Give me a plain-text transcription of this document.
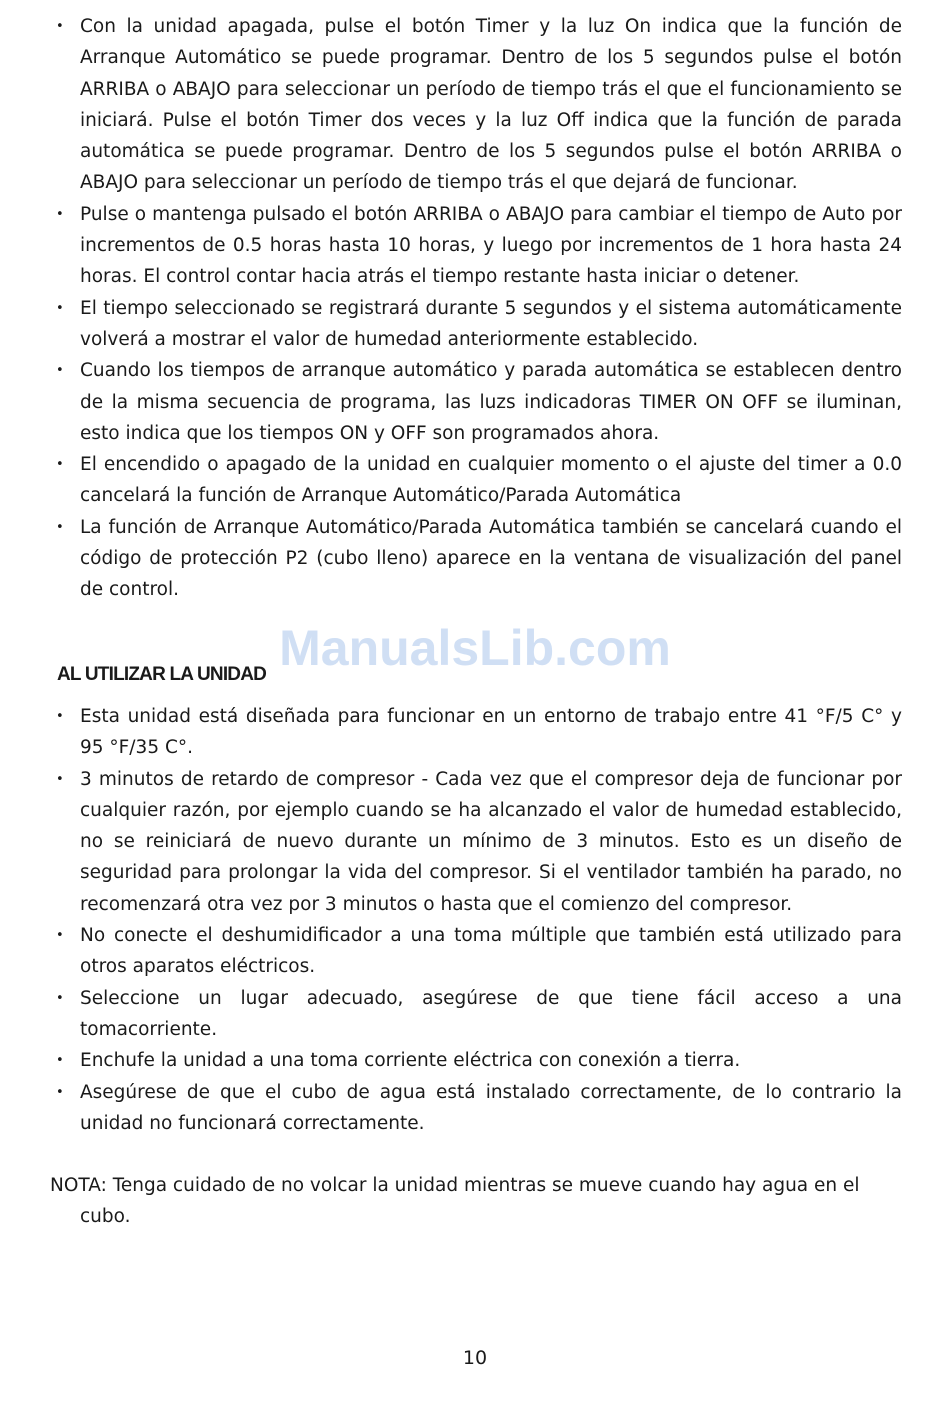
• Con la unidad apagada, pulse el botón Timer y la luz On indica que la función de Arranque Automático se puede programar. Dentro de los 5 segundos pulse el botón ARRIBA o ABAJO para seleccionar un período de tiempo trás el que el funcionamiento se iniciará. Pulse el botón Timer dos veces y la luz Off indica que la función de parada automática se puede programar. Dentro de los 5 segundos pulse el botón ARRIBA o ABAJO para seleccionar un período de tiempo trás el que dejará de funcionar.
• Pulse o mantenga pulsado el botón ARRIBA o ABAJO para cambiar el tiempo de Auto por incrementos de 0.5 horas hasta 10 horas, y luego por incrementos de 1 hora hasta 24 horas. El control contar hacia atrás el tiempo restante hasta iniciar o detener.
• El tiempo seleccionado se registrará durante 5 segundos y el sistema automáticamente volverá a mostrar el valor de humedad anteriormente establecido.
• Cuando los tiempos de arranque automático y parada automática se establecen dentro de la misma secuencia de programa, las luzs indicadoras TIMER ON OFF se iluminan, esto indica que los tiempos ON y OFF son programados ahora.
• El encendido o apagado de la unidad en cualquier momento o el ajuste del timer a 0.0 cancelará la función de Arranque Automático/Parada Automática
• La función de Arranque Automático/Parada Automática también se cancelará cuando el código de protección P2 (cubo lleno) aparece en la ventana de visualización del panel de control.
ManualsLib.com
AL UTILIZAR LA UNIDAD
• Esta unidad está diseñada para funcionar en un entorno de trabajo entre 41 °F/5 C° y 95 °F/35 C°.
• 3 minutos de retardo de compresor - Cada vez que el compresor deja de funcionar por cualquier razón, por ejemplo cuando se ha alcanzado el valor de humedad establecido, no se reiniciará de nuevo durante un mínimo de 3 minutos. Esto es un diseño de seguridad para prolongar la vida del compresor. Si el ventilador también ha parado, no recomenzará otra vez por 3 minutos o hasta que el comienzo del compresor.
• No conecte el deshumidificador a una toma múltiple que también está utilizado para otros aparatos eléctricos.
• Seleccione un lugar adecuado, asegúrese de que tiene fácil acceso a una tomacorriente.
• Enchufe la unidad a una toma corriente eléctrica con conexión a tierra.
• Asegúrese de que el cubo de agua está instalado correctamente, de lo contrario la unidad no funcionará correctamente.

NOTA: Tenga cuidado de no volcar la unidad mientras se mueve cuando hay agua en el cubo.

10
